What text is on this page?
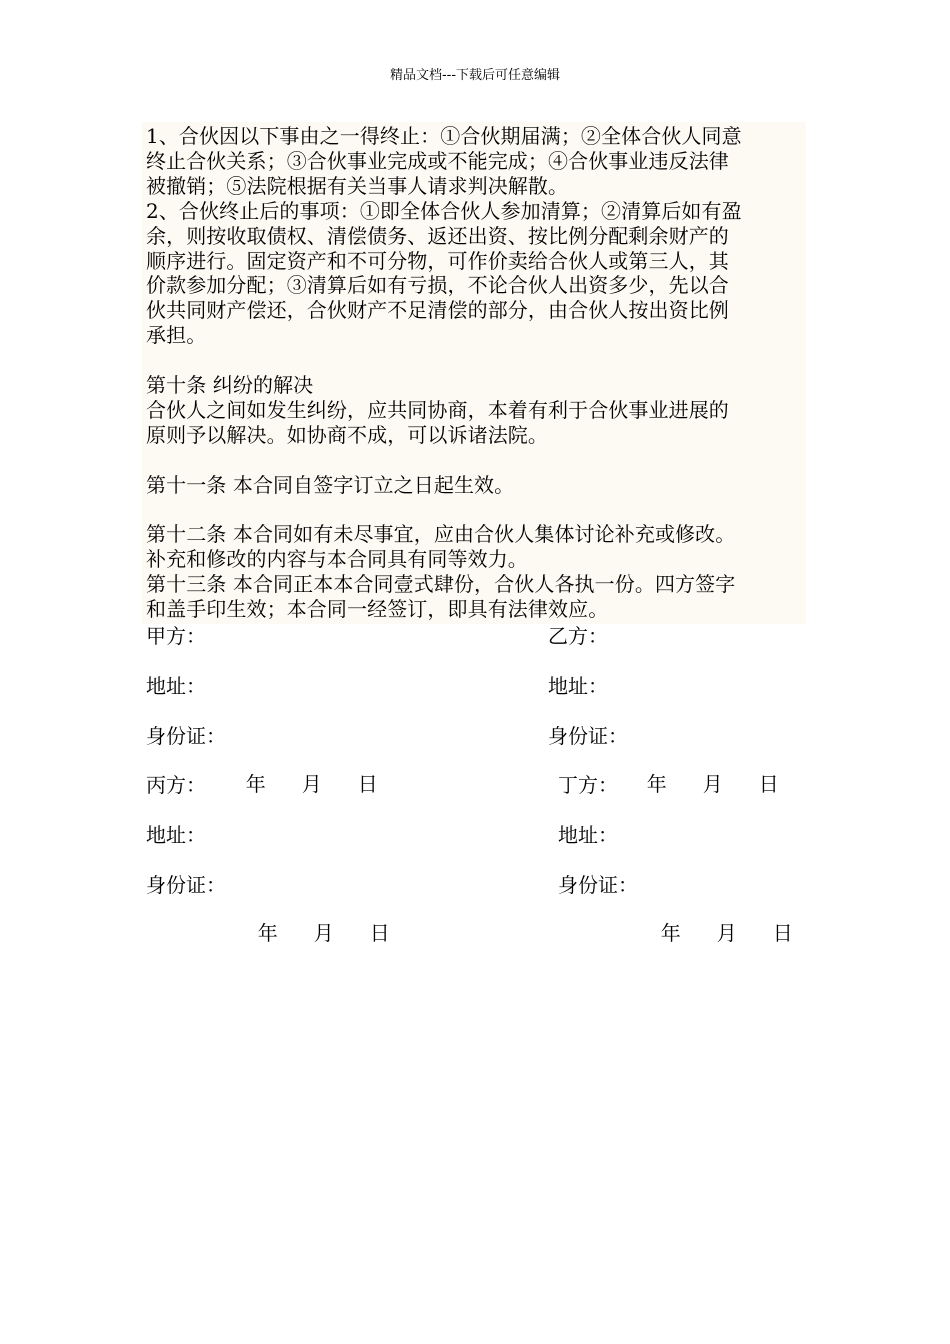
精品文档---下载后可任意编辑

1、合伙因以下事由之一得终止：①合伙期届满；②全体合伙人同意

终止合伙关系；③合伙事业完成或不能完成；④合伙事业违反法律

被撤销；⑤法院根据有关当事人请求判决解散。

2、合伙终止后的事项：①即全体合伙人参加清算；②清算后如有盈

余，则按收取债权、清偿债务、返还出资、按比例分配剩余财产的

顺序进行。固定资产和不可分物，可作价卖给合伙人或第三人，其

价款参加分配；③清算后如有亏损，不论合伙人出资多少，先以合

伙共同财产偿还，合伙财产不足清偿的部分，由合伙人按出资比例

承担。

第十条 纠纷的解决

合伙人之间如发生纠纷，应共同协商，本着有利于合伙事业进展的

原则予以解决。如协商不成，可以诉诸法院。

第十一条 本合同自签字订立之日起生效。

第十二条 本合同如有未尽事宜，应由合伙人集体讨论补充或修改。

补充和修改的内容与本合同具有同等效力。

第十三条 本合同正本本合同壹式肆份，合伙人各执一份。四方签字

和盖手印生效；本合同一经签订，即具有法律效应。

甲方：	乙方：
地址：	地址：
身份证：	身份证：

年 月 日	年 月 日

丙方：	丁方：
地址：	地址：
身份证：	身份证：

年 月 日	年 月 日
